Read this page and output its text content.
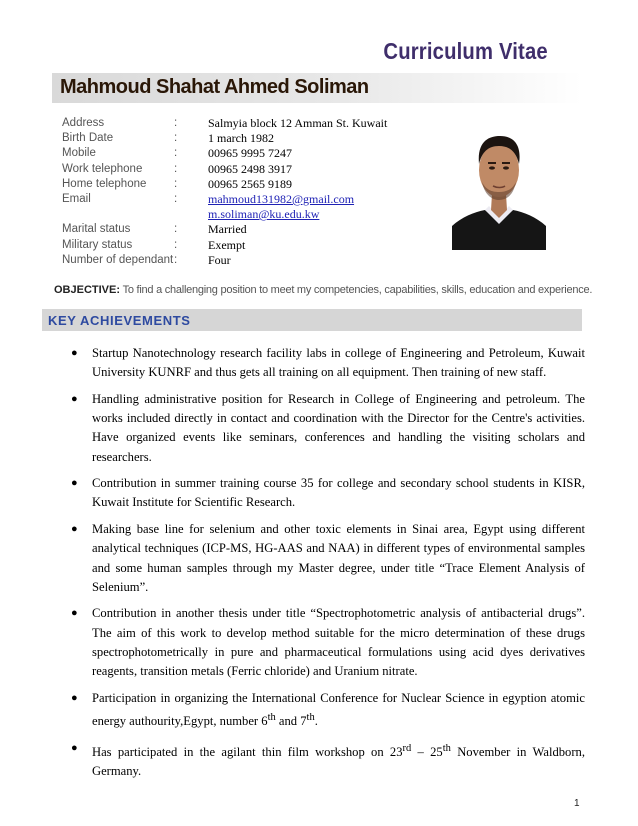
Curriculum Vitae
Mahmoud Shahat Ahmed Soliman
Address	:	Salmyia block 12 Amman St. Kuwait
Birth Date	:	1 march 1982
Mobile	:	00965 9995 7247
Work telephone	:	00965 2498 3917
Home telephone	:	00965 2565 9189
Email	:	mahmoud131982@gmail.com
m.soliman@ku.edu.kw
Marital status	:	Married
Military status	:	Exempt
Number of dependant :	Four
OBJECTIVE: To find a challenging position to meet my competencies, capabilities, skills, education and experience.
KEY ACHIEVEMENTS
● Startup Nanotechnology research facility labs in college of Engineering and Petroleum, Kuwait University KUNRF and thus gets all training on all equipment. Then training of new staff.
● Handling administrative position for Research in College of Engineering and petroleum. The works included directly in contact and coordination with the Director for the Centre's activities. Have organized events like seminars, conferences and handling the visiting scholars and researchers.
● Contribution in summer training course 35 for college and secondary school students in KISR, Kuwait Institute for Scientific Research.
● Making base line for selenium and other toxic elements in Sinai area, Egypt using different analytical techniques (ICP-MS, HG-AAS and NAA) in different types of environmental samples and some human samples through my Master degree, under title “Trace Element Analysis of Selenium”.
● Contribution in another thesis under title “Spectrophotometric analysis of antibacterial drugs”. The aim of this work to develop method suitable for the micro determination of these drugs spectrophotometrically in pure and pharmaceutical formulations using acid dyes derivatives reagents, transition metals (Ferric chloride) and Uranium nitrate.
● Participation in organizing the International Conference for Nuclear Science in egyption atomic energy authourity,Egypt, number 6th and 7th.
● Has participated in the agilant thin film workshop on 23rd – 25th November in Waldborn, Germany.
1
